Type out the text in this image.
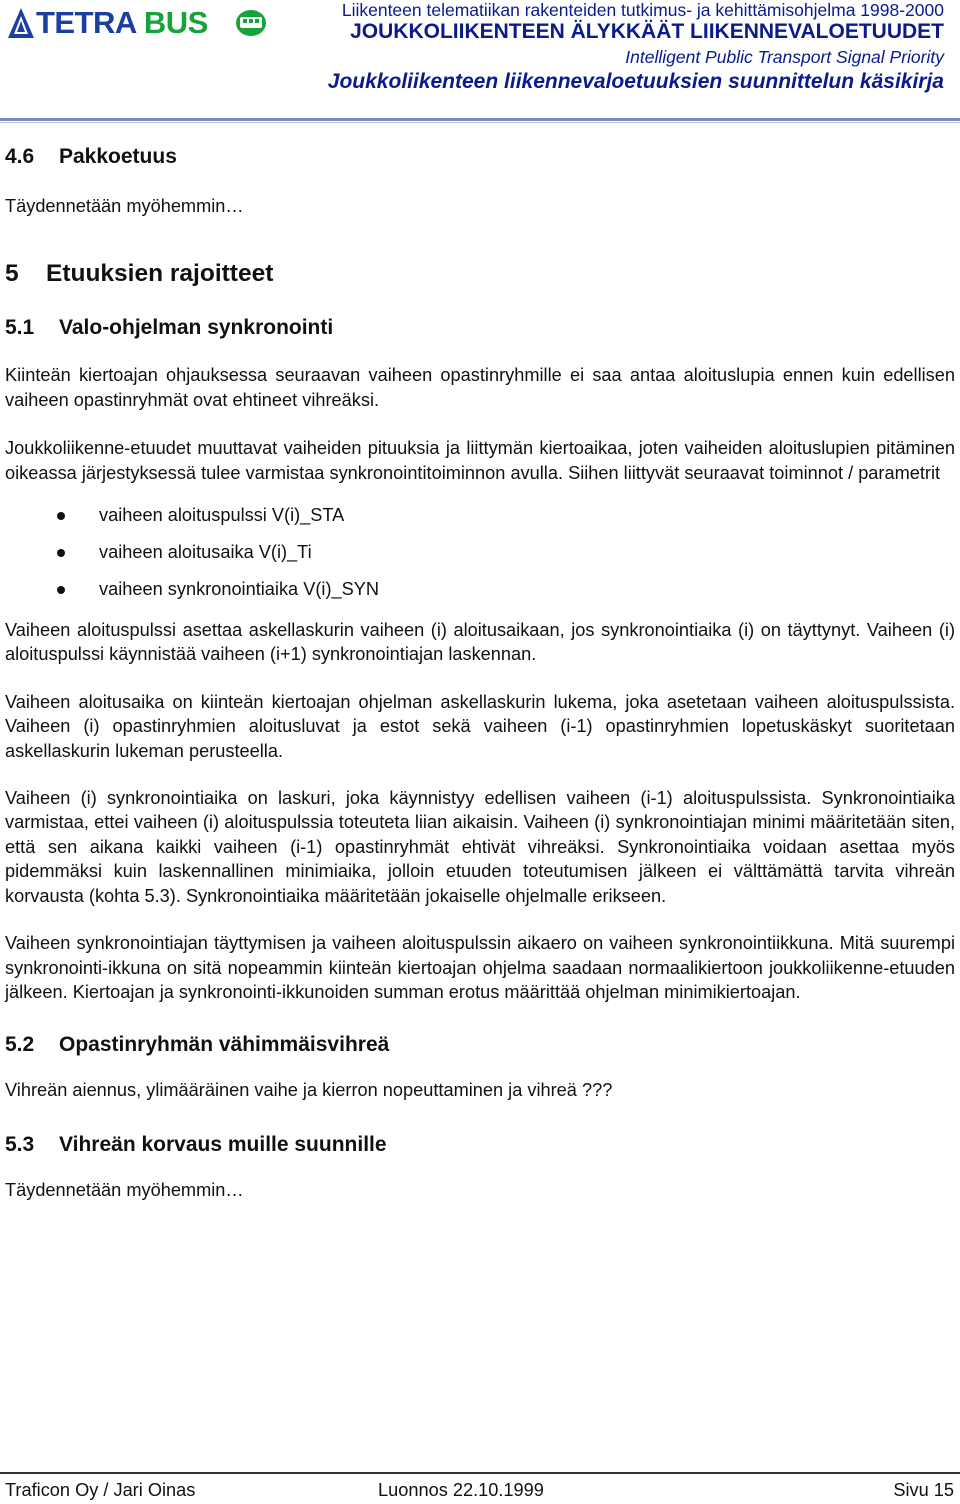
TETRA BUS	Liikenteen telematiikan rakenteiden tutkimus- ja kehittämisohjelma 1998-2000
JOUKKOLIIKENTEEN ÄLYKKÄÄT LIIKENNEVALOETUUDET
Intelligent Public Transport Signal Priority
Joukkoliikenteen liikennevaloetuuksien suunnittelun käsikirja
4.6 Pakkoetuus

Täydennetään myöhemmin…

5 Etuuksien rajoitteet
5.1 Valo-ohjelman synkronointi

Kiinteän kiertoajan ohjauksessa seuraavan vaiheen opastinryhmille ei saa antaa aloituslupia ennen kuin edellisen vaiheen opastinryhmät ovat ehtineet vihreäksi.

Joukkoliikenne-etuudet muuttavat vaiheiden pituuksia ja liittymän kiertoaikaa, joten vaiheiden aloituslupien pitäminen oikeassa järjestyksessä tulee varmistaa synkronointitoiminnon avulla. Siihen liittyvät seuraavat toiminnot / parametrit

vaiheen aloituspulssi V(i)_STA
vaiheen aloitusaika V(i)_Ti
vaiheen synkronointiaika V(i)_SYN

Vaiheen aloituspulssi asettaa askellaskurin vaiheen (i) aloitusaikaan, jos synkronointiaika (i) on täyttynyt. Vaiheen (i) aloituspulssi käynnistää vaiheen (i+1) synkronointiajan laskennan.

Vaiheen aloitusaika on kiinteän kiertoajan ohjelman askellaskurin lukema, joka asetetaan vaiheen aloituspulssista. Vaiheen (i) opastinryhmien aloitusluvat ja estot sekä vaiheen (i-1) opastinryhmien lopetuskäskyt suoritetaan askellaskurin lukeman perusteella.

Vaiheen (i) synkronointiaika on laskuri, joka käynnistyy edellisen vaiheen (i-1) aloituspulssista. Synkronointiaika varmistaa, ettei vaiheen (i) aloituspulssia toteuteta liian aikaisin. Vaiheen (i) synkronointiajan minimi määritetään siten, että sen aikana kaikki vaiheen (i-1) opastinryhmät ehtivät vihreäksi. Synkronointiaika voidaan asettaa myös pidemmäksi kuin laskennallinen minimiaika, jolloin etuuden toteutumisen jälkeen ei välttämättä tarvita vihreän korvausta (kohta 5.3). Synkronointiaika määritetään jokaiselle ohjelmalle erikseen.

Vaiheen synkronointiajan täyttymisen ja vaiheen aloituspulssin aikaero on vaiheen synkronointiikkuna. Mitä suurempi synkronointi-ikkuna on sitä nopeammin kiinteän kiertoajan ohjelma saadaan normaalikiertoon joukkoliikenne-etuuden jälkeen. Kiertoajan ja synkronointi-ikkunoiden summan erotus määrittää ohjelman minimikiertoajan.

5.2 Opastinryhmän vähimmäisvihreä

Vihreän aiennus, ylimääräinen vaihe ja kierron nopeuttaminen ja vihreä ???

5.3 Vihreän korvaus muille suunnille

Täydennetään myöhemmin…

Traficon Oy / Jari Oinas	Luonnos 22.10.1999	Sivu 15
